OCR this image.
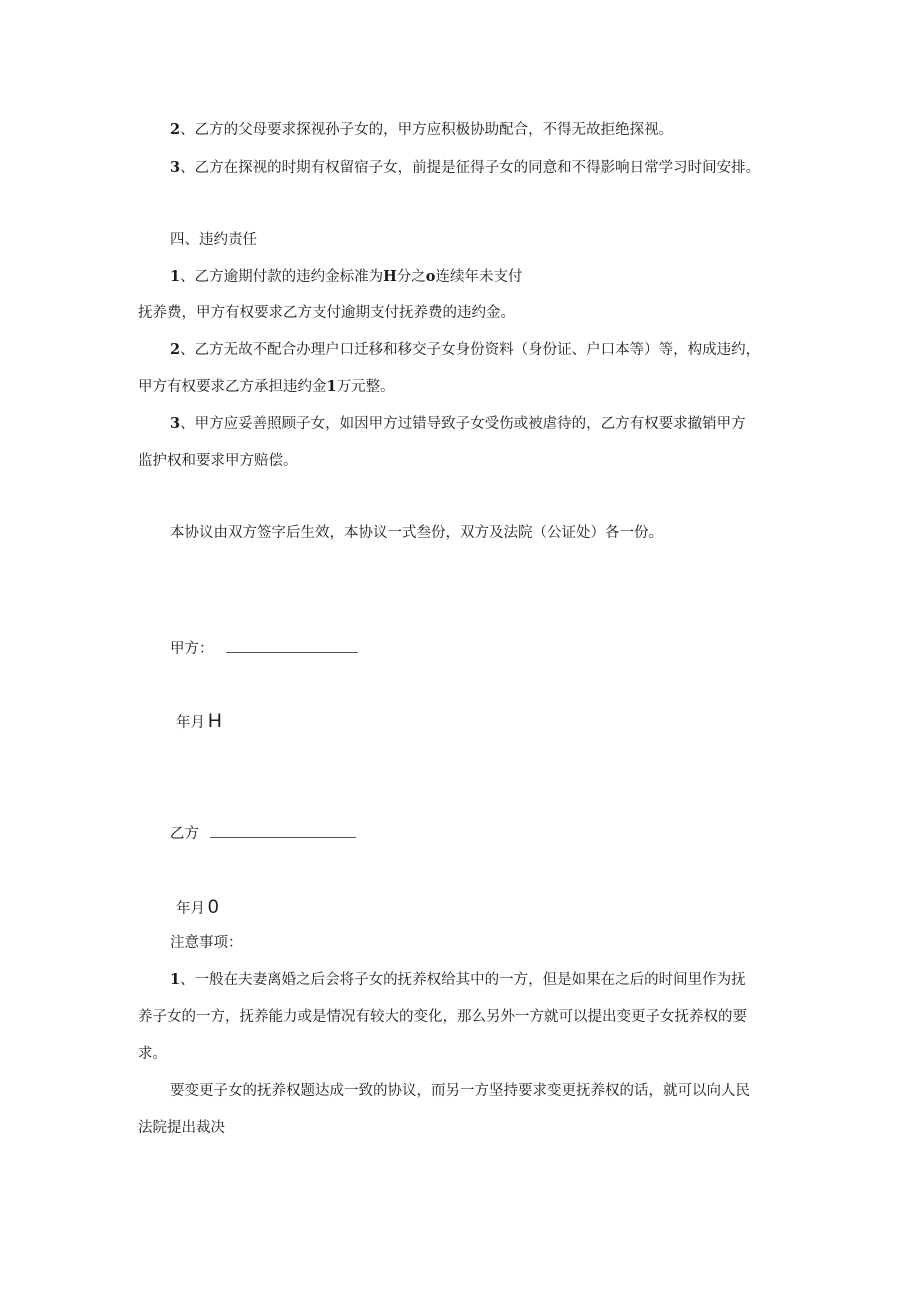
2、乙方的父母要求探视孙子女的，甲方应积极协助配合，不得无故拒绝探视。
3、乙方在探视的时期有权留宿子女，前提是征得子女的同意和不得影响日常学习时间安排。
四、违约责任
1、乙方逾期付款的违约金标准为H分之o连续年未支付
抚养费，甲方有权要求乙方支付逾期支付抚养费的违约金。
2、乙方无故不配合办理户口迁移和移交子女身份资料（身份证、户口本等）等，构成违约，
甲方有权要求乙方承担违约金1万元整。
3、甲方应妥善照顾子女，如因甲方过错导致子女受伤或被虐待的，乙方有权要求撤销甲方
监护权和要求甲方赔偿。
本协议由双方签字后生效，本协议一式叁份，双方及法院（公证处）各一份。
甲方：
年月 H
乙方
年月 0
注意事项：
1、一般在夫妻离婚之后会将子女的抚养权给其中的一方，但是如果在之后的时间里作为抚
养子女的一方，抚养能力或是情况有较大的变化，那么另外一方就可以提出变更子女抚养权的要
求。
要变更子女的抚养权题达成一致的协议，而另一方坚持要求变更抚养权的话，就可以向人民
法院提出裁决
